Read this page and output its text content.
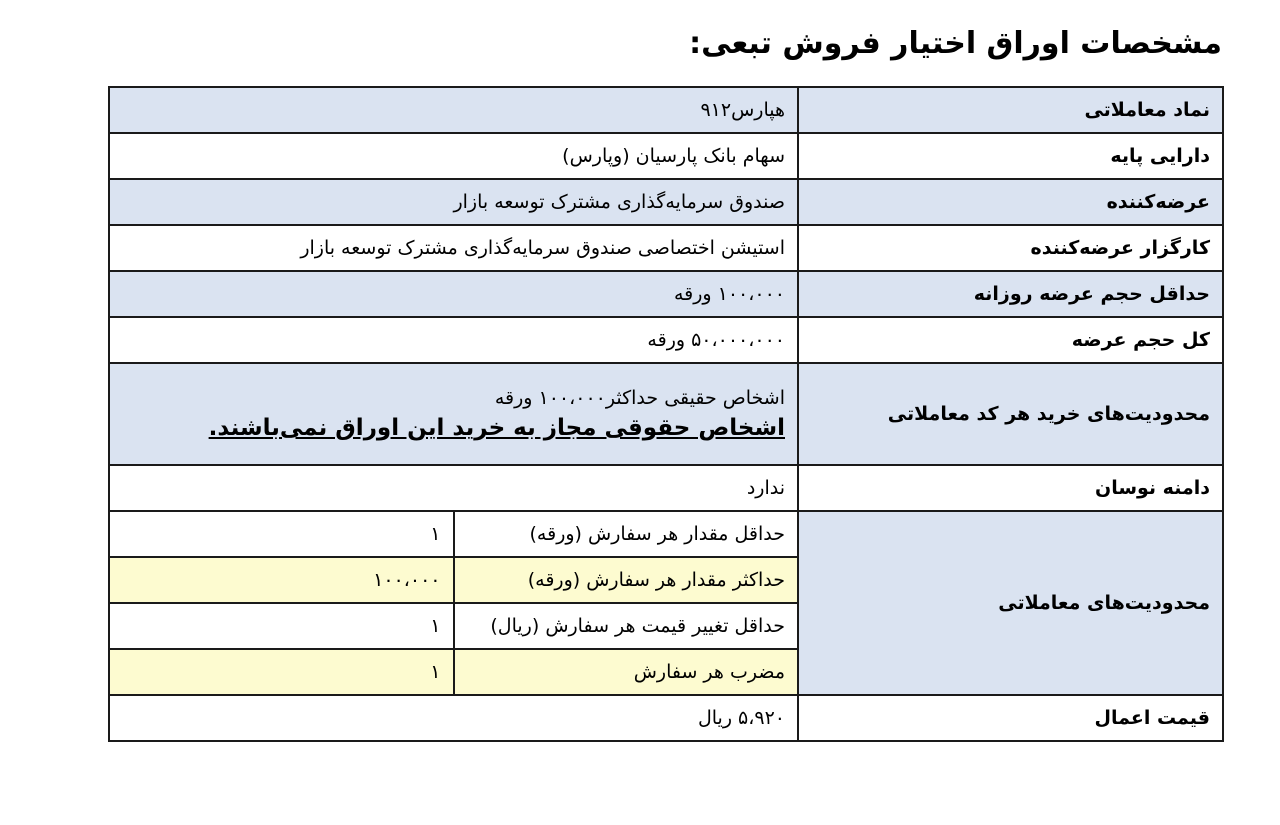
مشخصات اوراق اختیار فروش تبعی:
نماد معاملاتی	هپارس۹۱۲	
دارایی پایه	سهام بانک پارسیان (وپارس)	
عرضه‌کننده	صندوق سرمایه‌گذاری مشترک توسعه بازار	
کارگزار عرضه‌کننده	استیشن اختصاصی صندوق سرمایه‌گذاری مشترک توسعه بازار	
حداقل حجم عرضه روزانه	۱۰۰،۰۰۰ ورقه	
کل حجم عرضه	۵۰،۰۰۰،۰۰۰ ورقه	
محدودیت‌های خرید هر کد معاملاتی	اشخاص حقیقی حداکثر۱۰۰،۰۰۰ ورقه
اشخاص حقوقی مجاز به خرید این اوراق نمی‌باشند.	

دامنه نوسان	ندارد	
محدودیت‌های معاملاتی	حداقل مقدار هر سفارش (ورقه)	۱
	حداکثر مقدار هر سفارش (ورقه)	۱۰۰،۰۰۰
	حداقل تغییر قیمت هر سفارش (ریال)	۱
	مضرب هر سفارش	۱
قیمت اعمال	۵،۹۲۰ ریال	
